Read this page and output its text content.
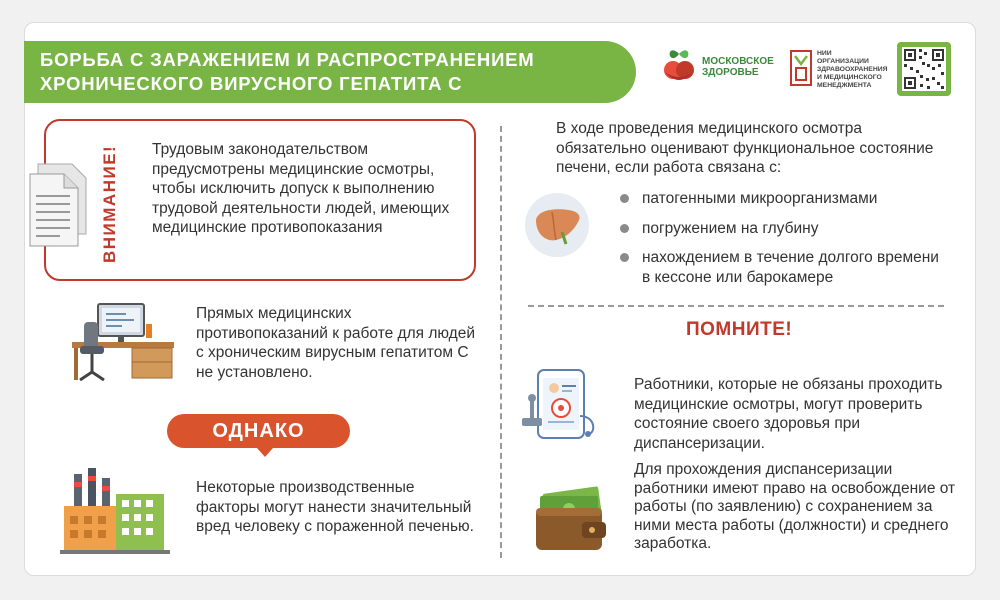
БОРЬБА С ЗАРАЖЕНИЕМ И РАСПРОСТРАНЕНИЕМ
ХРОНИЧЕСКОГО ВИРУСНОГО ГЕПАТИТА С
МОСКОВСКОЕ
ЗДОРОВЬЕ
НИИ
ОРГАНИЗАЦИИ
ЗДРАВООХРАНЕНИЯ
И МЕДИЦИНСКОГО
МЕНЕДЖМЕНТА
ВНИМАНИЕ! Трудовым законодательством предусмотрены медицинские осмотры, чтобы исключить допуск к выполнению трудовой деятельности людей, имеющих медицинские противопоказания
Прямых медицинских противопоказаний к работе для людей с хроническим вирусным гепатитом С не установлено.
ОДНАКО
Некоторые производственные факторы могут нанести значительный вред человеку с пораженной печенью.
В ходе проведения медицинского осмотра обязательно оценивают функциональное состояние печени, если работа связана с:
патогенными микроорганизмами
погружением на глубину
нахождением в течение долгого времени в кессоне или барокамере
ПОМНИТЕ!
Работники, которые не обязаны проходить медицинские осмотры, могут проверить состояние своего здоровья при диспансеризации.
Для прохождения диспансеризации работники имеют право на освобождение от работы (по заявлению) с сохранением за ними места работы (должности) и среднего заработка.
